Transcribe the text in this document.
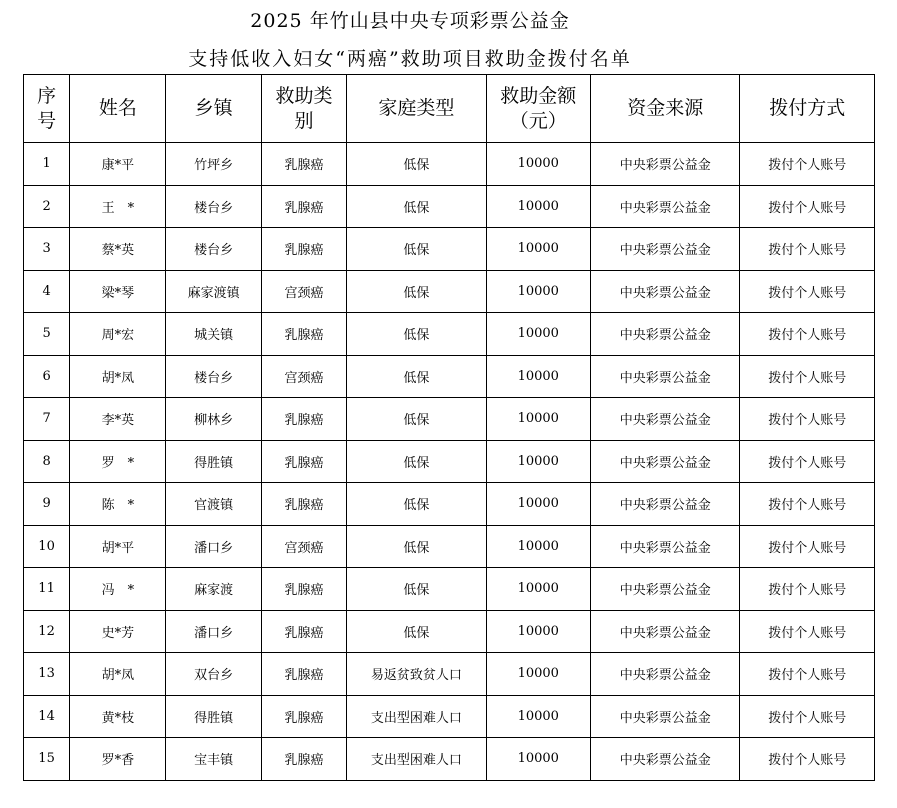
2025 年竹山县中央专项彩票公益金
支持低收入妇女“两癌”救助项目救助金拨付名单
序号	姓名	乡镇	救助类别	家庭类型	救助金额（元）	资金来源	拨付方式
1	康*平	竹坪乡	乳腺癌	低保	10000	中央彩票公益金	拨付个人账号
2	王　*	楼台乡	乳腺癌	低保	10000	中央彩票公益金	拨付个人账号
3	蔡*英	楼台乡	乳腺癌	低保	10000	中央彩票公益金	拨付个人账号
4	梁*琴	麻家渡镇	宫颈癌	低保	10000	中央彩票公益金	拨付个人账号
5	周*宏	城关镇	乳腺癌	低保	10000	中央彩票公益金	拨付个人账号
6	胡*凤	楼台乡	宫颈癌	低保	10000	中央彩票公益金	拨付个人账号
7	李*英	柳林乡	乳腺癌	低保	10000	中央彩票公益金	拨付个人账号
8	罗　*	得胜镇	乳腺癌	低保	10000	中央彩票公益金	拨付个人账号
9	陈　*	官渡镇	乳腺癌	低保	10000	中央彩票公益金	拨付个人账号
10	胡*平	潘口乡	宫颈癌	低保	10000	中央彩票公益金	拨付个人账号
11	冯　*	麻家渡	乳腺癌	低保	10000	中央彩票公益金	拨付个人账号
12	史*芳	潘口乡	乳腺癌	低保	10000	中央彩票公益金	拨付个人账号
13	胡*凤	双台乡	乳腺癌	易返贫致贫人口	10000	中央彩票公益金	拨付个人账号
14	黄*枝	得胜镇	乳腺癌	支出型困难人口	10000	中央彩票公益金	拨付个人账号
15	罗*香	宝丰镇	乳腺癌	支出型困难人口	10000	中央彩票公益金	拨付个人账号
